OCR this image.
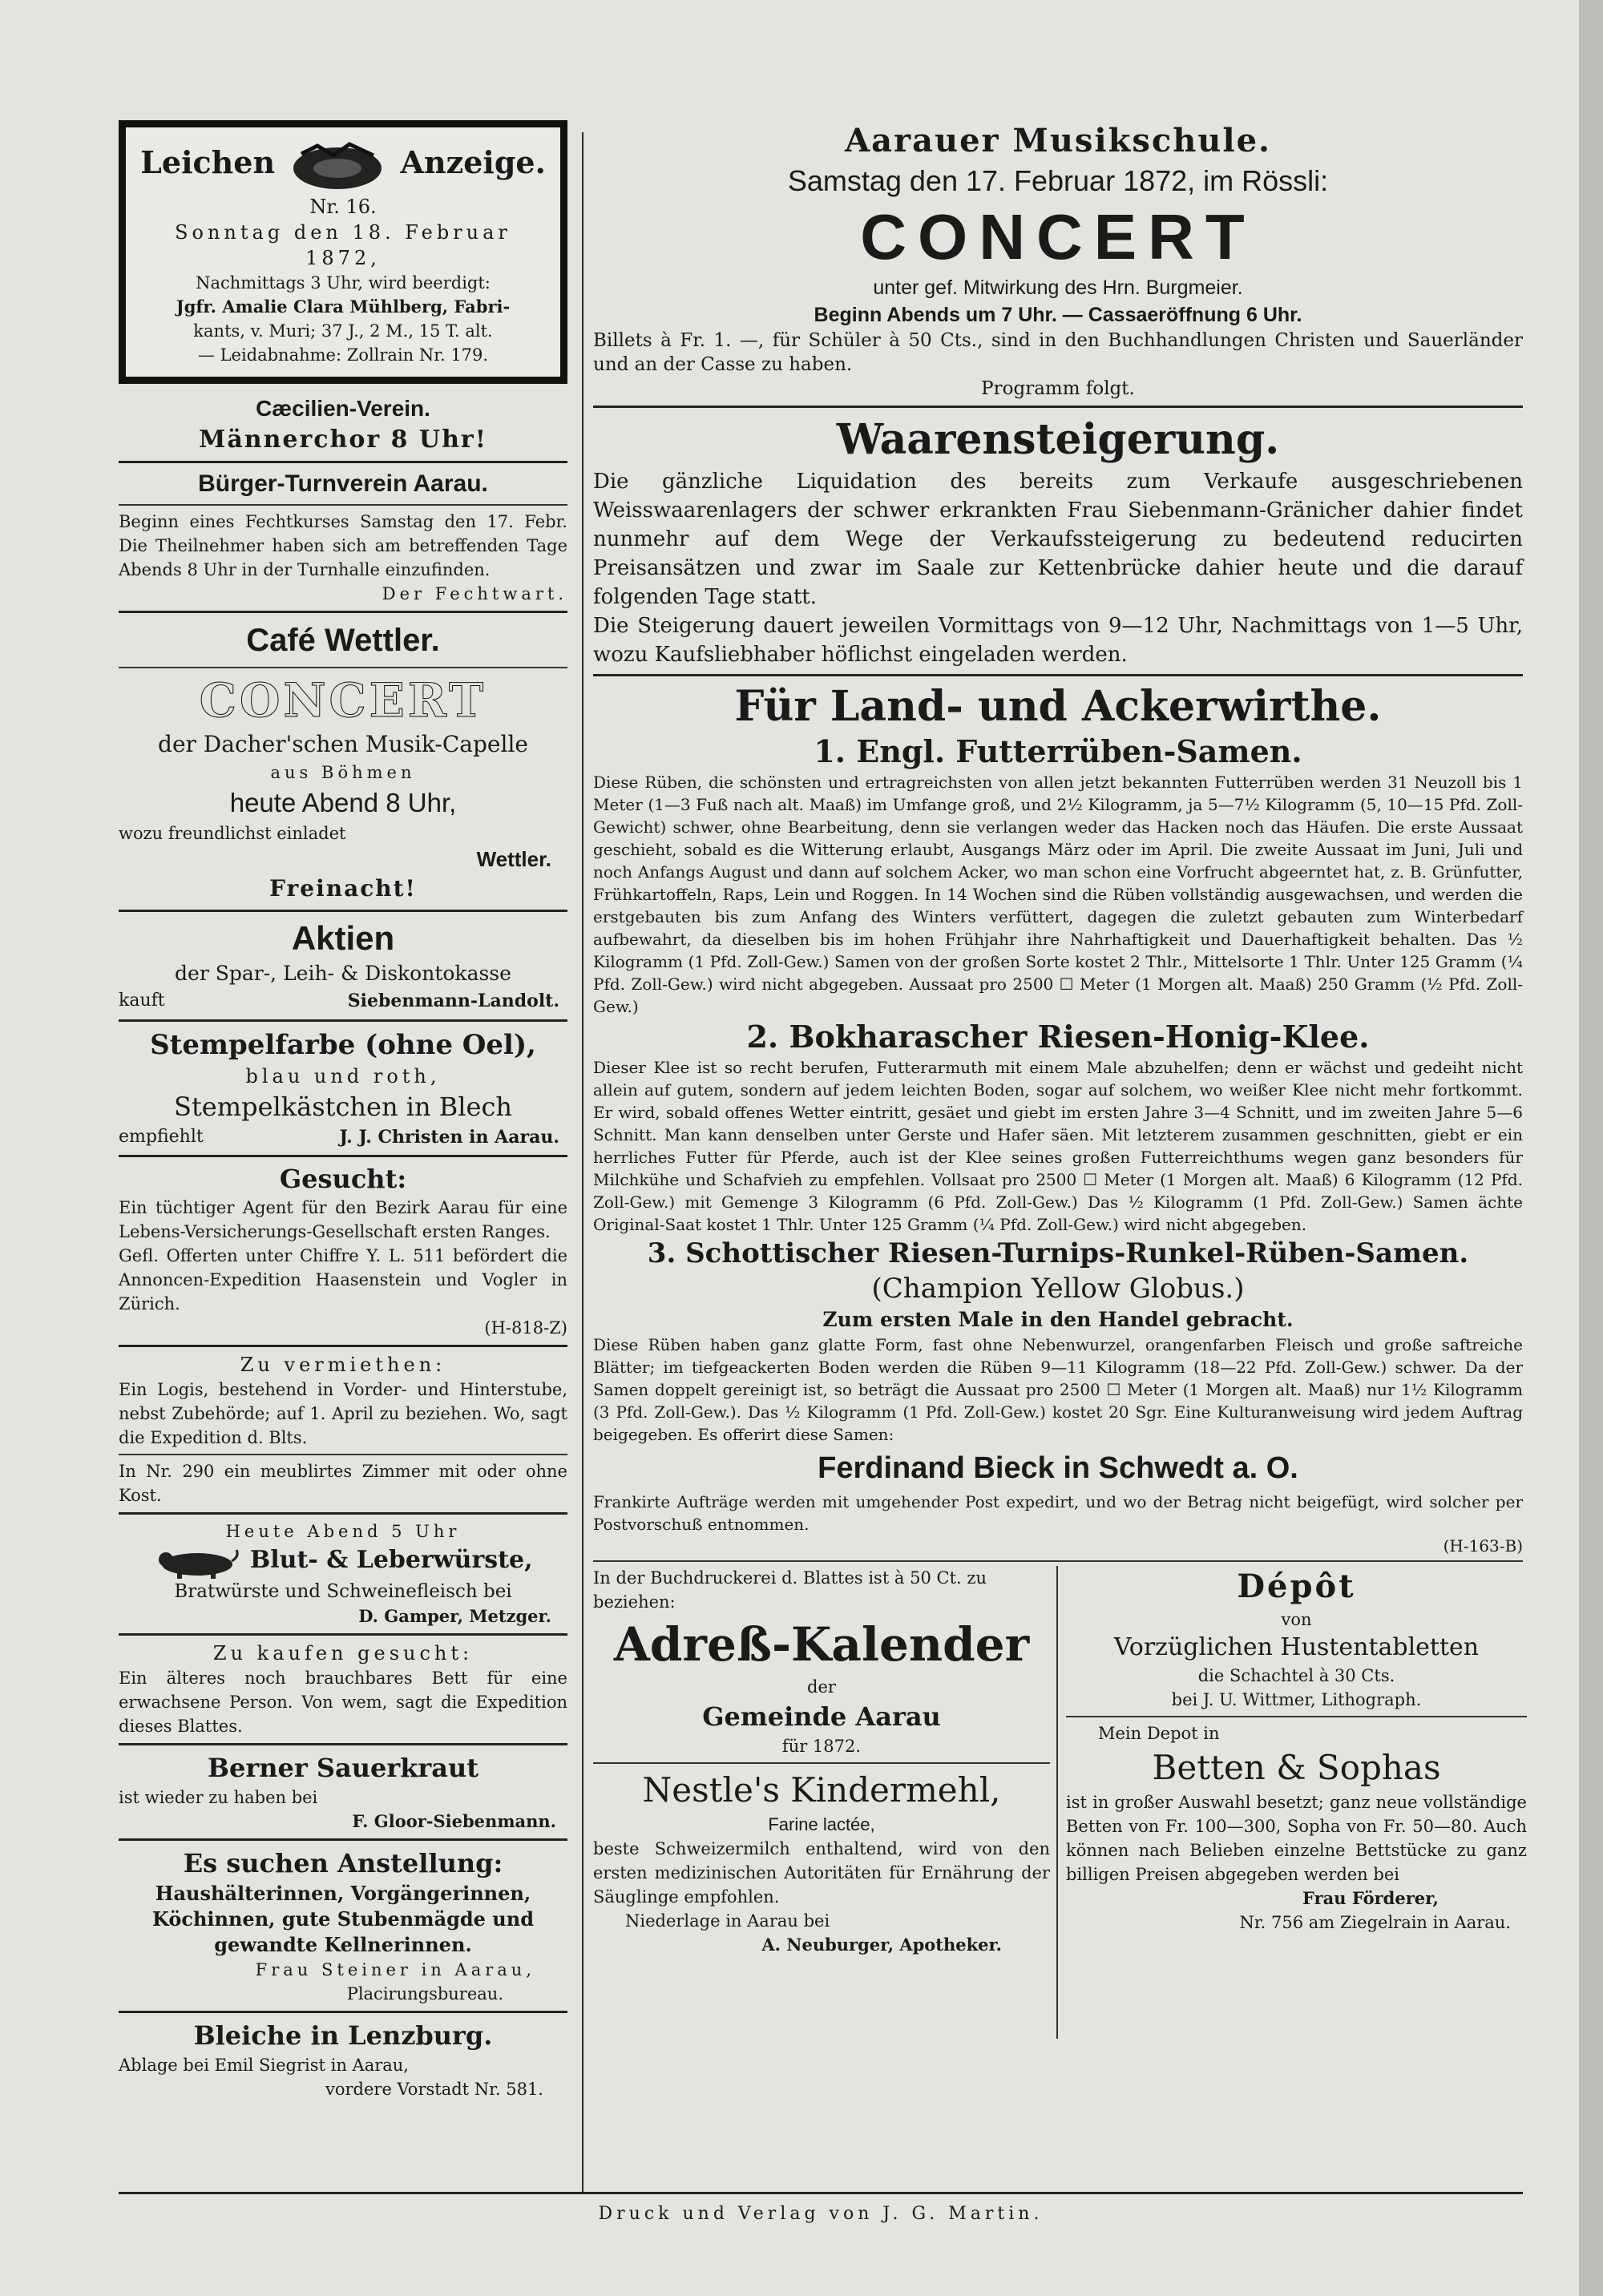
Leichen	Anzeige.

Nr. 16.

Sonntag den 18. Februar 1872,

Nachmittags 3 Uhr, wird beerdigt:

Jgfr. Amalie Clara Mühlberg, Fabri-

kants, v. Muri; 37 J., 2 M., 15 T. alt.

— Leidabnahme: Zollrain Nr. 179.

Cæcilien-Verein.

Männerchor 8 Uhr!

Bürger-Turnverein Aarau.

Beginn eines Fechtkurses Samstag den 17. Febr. Die Theilnehmer haben sich am betreffenden Tage Abends 8 Uhr in der Turnhalle einzufinden.

Der Fechtwart.

Café Wettler.

CONCERT

der Dacher'schen Musik-Capelle

aus Böhmen

heute Abend 8 Uhr,

wozu freundlichst einladet

Wettler.

Freinacht!

Aktien

der Spar-, Leih- & Diskontokasse

kauft	Siebenmann-Landolt.

Stempelfarbe (ohne Oel),

blau und roth,

Stempelkästchen in Blech

empfiehlt	J. J. Christen in Aarau.

Gesucht:

Ein tüchtiger Agent für den Bezirk Aarau für eine Lebens-Versicherungs-Gesellschaft ersten Ranges.

Gefl. Offerten unter Chiffre Y. L. 511 befördert die Annoncen-Expedition Haasenstein und Vogler in Zürich.

(H-818-Z)

Zu vermiethen:

Ein Logis, bestehend in Vorder- und Hinterstube, nebst Zubehörde; auf 1. April zu beziehen. Wo, sagt die Expedition d. Blts.

In Nr. 290 ein meublirtes Zimmer mit oder ohne Kost.

Heute Abend 5 Uhr

Blut- & Leberwürste,

Bratwürste und Schweinefleisch bei

D. Gamper, Metzger.

Zu kaufen gesucht:

Ein älteres noch brauchbares Bett für eine erwachsene Person. Von wem, sagt die Expedition dieses Blattes.

Berner Sauerkraut

ist wieder zu haben bei

F. Gloor-Siebenmann.

Es suchen Anstellung:

Haushälterinnen, Vorgängerinnen, Köchinnen, gute Stubenmägde und gewandte Kellnerinnen.

Frau Steiner in Aarau,

Placirungsbureau.

Bleiche in Lenzburg.

Ablage bei Emil Siegrist in Aarau,

vordere Vorstadt Nr. 581.

Aarauer Musikschule.

Samstag den 17. Februar 1872, im Rössli:

CONCERT

unter gef. Mitwirkung des Hrn. Burgmeier.

Beginn Abends um 7 Uhr. — Cassaeröffnung 6 Uhr.

Billets à Fr. 1. —, für Schüler à 50 Cts., sind in den Buchhandlungen Christen und Sauerländer und an der Casse zu haben.

Programm folgt.

Waarensteigerung.

Die gänzliche Liquidation des bereits zum Verkaufe ausgeschriebenen Weisswaarenlagers der schwer erkrankten Frau Siebenmann-Gränicher dahier findet nunmehr auf dem Wege der Verkaufssteigerung zu bedeutend reducirten Preisansätzen und zwar im Saale zur Kettenbrücke dahier heute und die darauf folgenden Tage statt.

Die Steigerung dauert jeweilen Vormittags von 9—12 Uhr, Nachmittags von 1—5 Uhr, wozu Kaufsliebhaber höflichst eingeladen werden.

Für Land- und Ackerwirthe.

1. Engl. Futterrüben-Samen.

Diese Rüben, die schönsten und ertragreichsten von allen jetzt bekannten Futterrüben werden 31 Neuzoll bis 1 Meter (1—3 Fuß nach alt. Maaß) im Umfange groß, und 2½ Kilogramm, ja 5—7½ Kilogramm (5, 10—15 Pfd. Zoll-Gewicht) schwer, ohne Bearbeitung, denn sie verlangen weder das Hacken noch das Häufen. Die erste Aussaat geschieht, sobald es die Witterung erlaubt, Ausgangs März oder im April. Die zweite Aussaat im Juni, Juli und noch Anfangs August und dann auf solchem Acker, wo man schon eine Vorfrucht abgeerntet hat, z. B. Grünfutter, Frühkartoffeln, Raps, Lein und Roggen. In 14 Wochen sind die Rüben vollständig ausgewachsen, und werden die erstgebauten bis zum Anfang des Winters verfüttert, dagegen die zuletzt gebauten zum Winterbedarf aufbewahrt, da dieselben bis im hohen Frühjahr ihre Nahrhaftigkeit und Dauerhaftigkeit behalten. Das ½ Kilogramm (1 Pfd. Zoll-Gew.) Samen von der großen Sorte kostet 2 Thlr., Mittelsorte 1 Thlr. Unter 125 Gramm (¼ Pfd. Zoll-Gew.) wird nicht abgegeben. Aussaat pro 2500 ☐ Meter (1 Morgen alt. Maaß) 250 Gramm (½ Pfd. Zoll-Gew.)

2. Bokharascher Riesen-Honig-Klee.

Dieser Klee ist so recht berufen, Futterarmuth mit einem Male abzuhelfen; denn er wächst und gedeiht nicht allein auf gutem, sondern auf jedem leichten Boden, sogar auf solchem, wo weißer Klee nicht mehr fortkommt. Er wird, sobald offenes Wetter eintritt, gesäet und giebt im ersten Jahre 3—4 Schnitt, und im zweiten Jahre 5—6 Schnitt. Man kann denselben unter Gerste und Hafer säen. Mit letzterem zusammen geschnitten, giebt er ein herrliches Futter für Pferde, auch ist der Klee seines großen Futterreichthums wegen ganz besonders für Milchkühe und Schafvieh zu empfehlen. Vollsaat pro 2500 ☐ Meter (1 Morgen alt. Maaß) 6 Kilogramm (12 Pfd. Zoll-Gew.) mit Gemenge 3 Kilogramm (6 Pfd. Zoll-Gew.) Das ½ Kilogramm (1 Pfd. Zoll-Gew.) Samen ächte Original-Saat kostet 1 Thlr. Unter 125 Gramm (¼ Pfd. Zoll-Gew.) wird nicht abgegeben.

3. Schottischer Riesen-Turnips-Runkel-Rüben-Samen.

(Champion Yellow Globus.)

Zum ersten Male in den Handel gebracht.

Diese Rüben haben ganz glatte Form, fast ohne Nebenwurzel, orangenfarben Fleisch und große saftreiche Blätter; im tiefgeackerten Boden werden die Rüben 9—11 Kilogramm (18—22 Pfd. Zoll-Gew.) schwer. Da der Samen doppelt gereinigt ist, so beträgt die Aussaat pro 2500 ☐ Meter (1 Morgen alt. Maaß) nur 1½ Kilogramm (3 Pfd. Zoll-Gew.). Das ½ Kilogramm (1 Pfd. Zoll-Gew.) kostet 20 Sgr. Eine Kulturanweisung wird jedem Auftrag beigegeben. Es offerirt diese Samen:

Ferdinand Bieck in Schwedt a. O.

Frankirte Aufträge werden mit umgehender Post expedirt, und wo der Betrag nicht beigefügt, wird solcher per Postvorschuß entnommen.

(H-163-B)

In der Buchdruckerei d. Blattes ist à 50 Ct. zu beziehen:

Adreß-Kalender

der

Gemeinde Aarau

für 1872.

Nestle's Kindermehl,

Farine lactée,

beste Schweizermilch enthaltend, wird von den ersten medizinischen Autoritäten für Ernährung der Säuglinge empfohlen.

Niederlage in Aarau bei

A. Neuburger, Apotheker.

Dépôt

von

Vorzüglichen Hustentabletten

die Schachtel à 30 Cts.

bei J. U. Wittmer, Lithograph.

Mein Depot in

Betten & Sophas

ist in großer Auswahl besetzt; ganz neue vollständige Betten von Fr. 100—300, Sopha von Fr. 50—80. Auch können nach Belieben einzelne Bettstücke zu ganz billigen Preisen abgegeben werden bei

Frau Förderer,

Nr. 756 am Ziegelrain in Aarau.

Druck und Verlag von J. G. Martin.
